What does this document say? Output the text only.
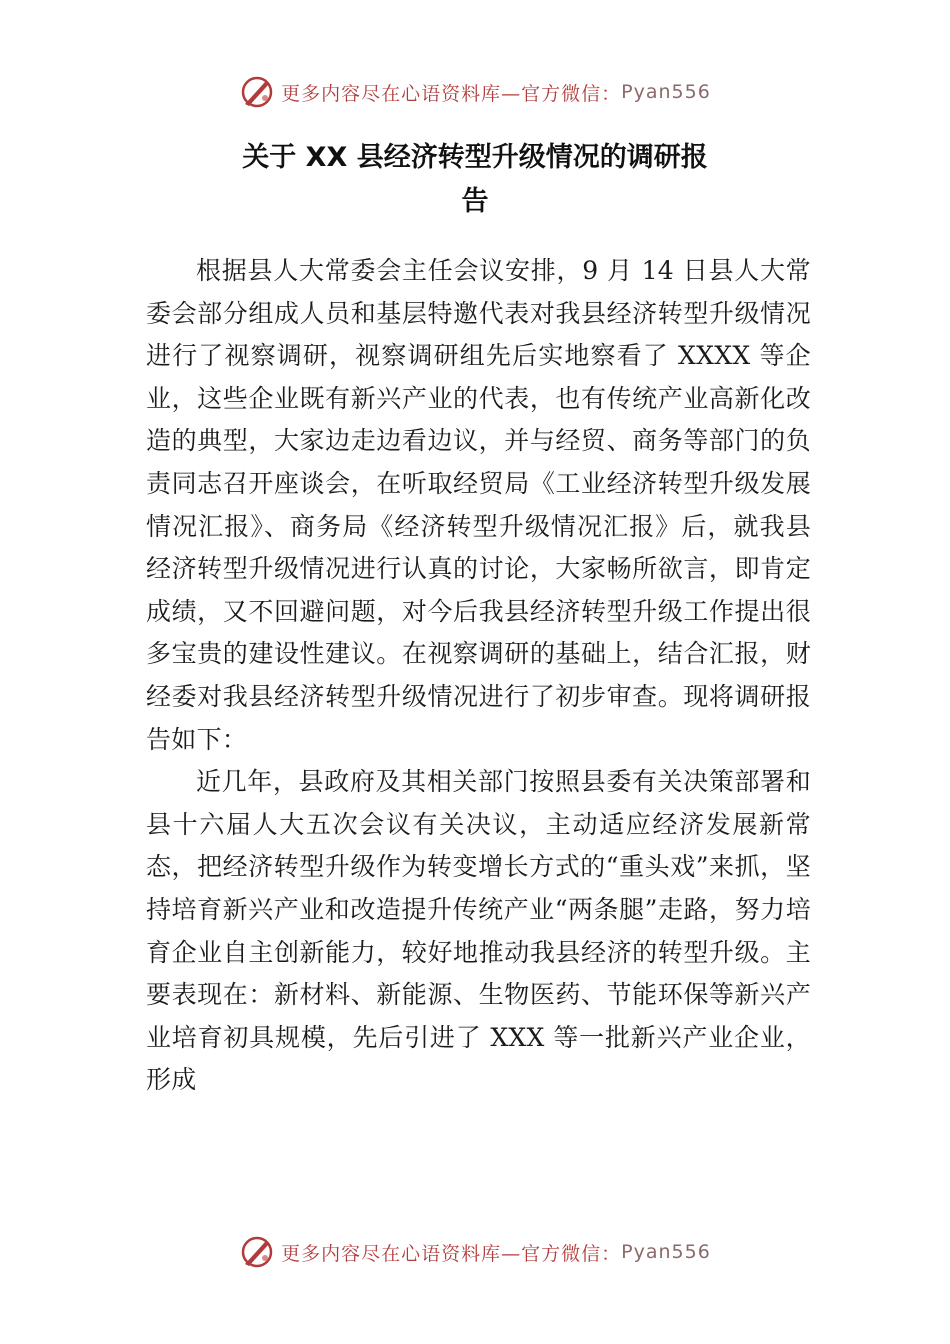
更多内容尽在心语资料库—官方微信： Pyan556
关于 XX 县经济转型升级情况的调研报
告

根据县人大常委会主任会议安排，9 月 14 日县人大常委会部分组成人员和基层特邀代表对我县经济转型升级情况进行了视察调研，视察调研组先后实地察看了 XXXX 等企业，这些企业既有新兴产业的代表，也有传统产业高新化改造的典型，大家边走边看边议，并与经贸、商务等部门的负责同志召开座谈会，在听取经贸局《工业经济转型升级发展情况汇报》、商务局《经济转型升级情况汇报》后，就我县经济转型升级情况进行认真的讨论，大家畅所欲言，即肯定成绩，又不回避问题，对今后我县经济转型升级工作提出很多宝贵的建设性建议。在视察调研的基础上，结合汇报，财经委对我县经济转型升级情况进行了初步审查。现将调研报告如下：

近几年，县政府及其相关部门按照县委有关决策部署和县十六届人大五次会议有关决议，主动适应经济发展新常态，把经济转型升级作为转变增长方式的“重头戏”来抓，坚持培育新兴产业和改造提升传统产业“两条腿”走路，努力培育企业自主创新能力，较好地推动我县经济的转型升级。主要表现在：新材料、新能源、生物医药、节能环保等新兴产业培育初具规模，先后引进了 XXX 等一批新兴产业企业，形成

更多内容尽在心语资料库—官方微信： Pyan556
